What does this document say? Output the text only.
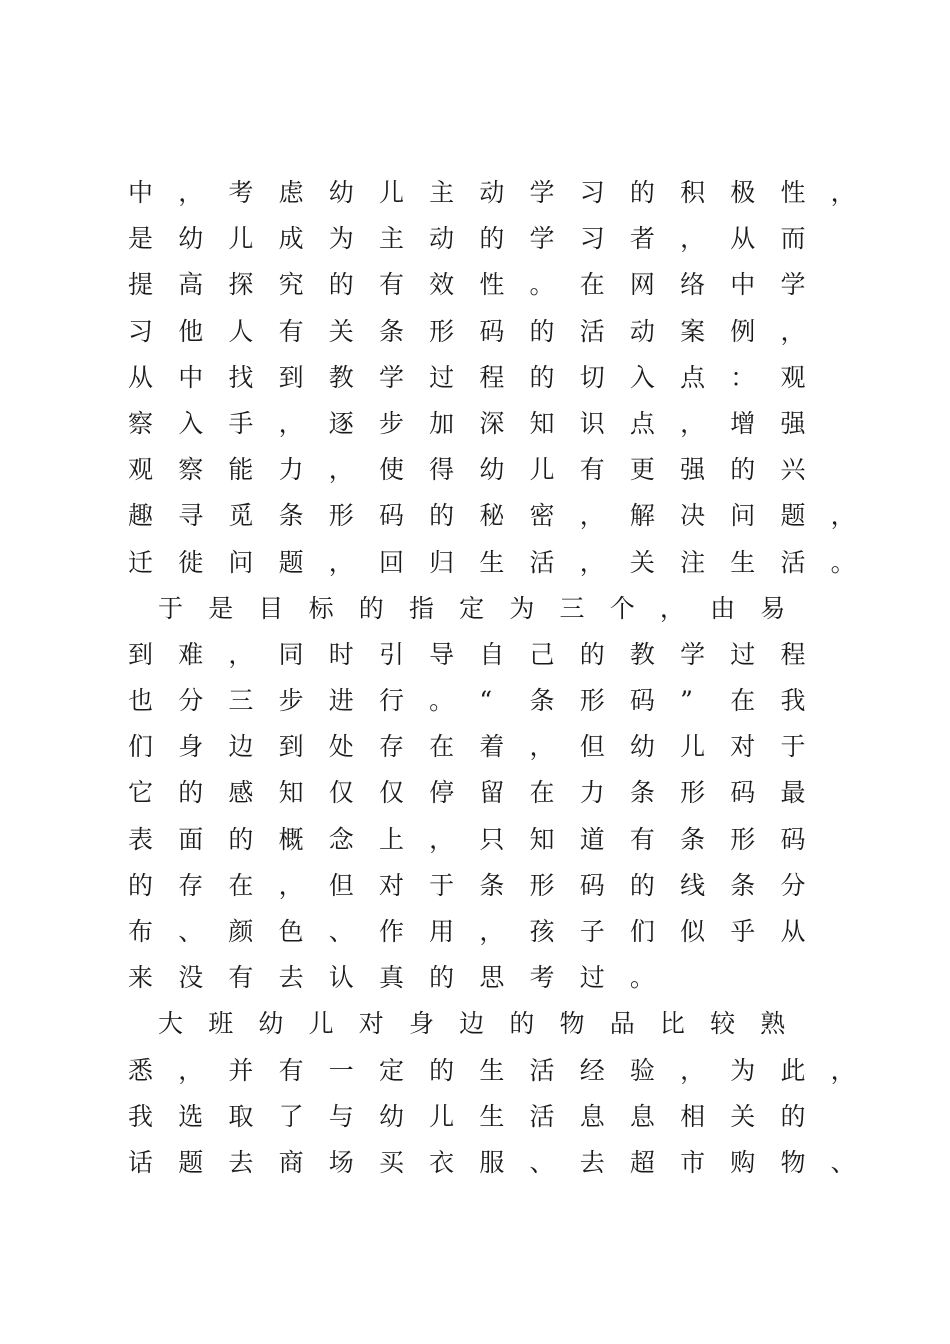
中	，	考	虑	幼	儿	主	动	学	习	的	积	极	性	，
是	幼	儿	成	为	主	动	的	学	习	者	，	从	而
提	高	探	究	的	有	效	性	。	在	网	络	中	学
习	他	人	有	关	条	形	码	的	活	动	案	例	，
从	中	找	到	教	学	过	程	的	切	入	点	：	观
察	入	手	，	逐	步	加	深	知	识	点	，	增	强
观	察	能	力	，	使	得	幼	儿	有	更	强	的	兴
趣	寻	觅	条	形	码	的	秘	密	，	解	决	问	题	，
迁	徙	问	题	，	回	归	生	活	，	关	注	生	活	。
于	是	目	标	的	指	定	为	三	个	，	由	易
到	难	，	同	时	引	导	自	己	的	教	学	过	程
也	分	三	步	进	行	。	“	条	形	码	”	在	我
们	身	边	到	处	存	在	着	，	但	幼	儿	对	于
它	的	感	知	仅	仅	停	留	在	力	条	形	码	最
表	面	的	概	念	上	，	只	知	道	有	条	形	码
的	存	在	，	但	对	于	条	形	码	的	线	条	分
布	、	颜	色	、	作	用	，	孩	子	们	似	乎	从
来	没	有	去	认	真	的	思	考	过	。
大	班	幼	儿	对	身	边	的	物	品	比	较	熟
悉	，	并	有	一	定	的	生	活	经	验	，	为	此	，
我	选	取	了	与	幼	儿	生	活	息	息	相	关	的
话	题	去	商	场	买	衣	服	、	去	超	市	购	物	、
